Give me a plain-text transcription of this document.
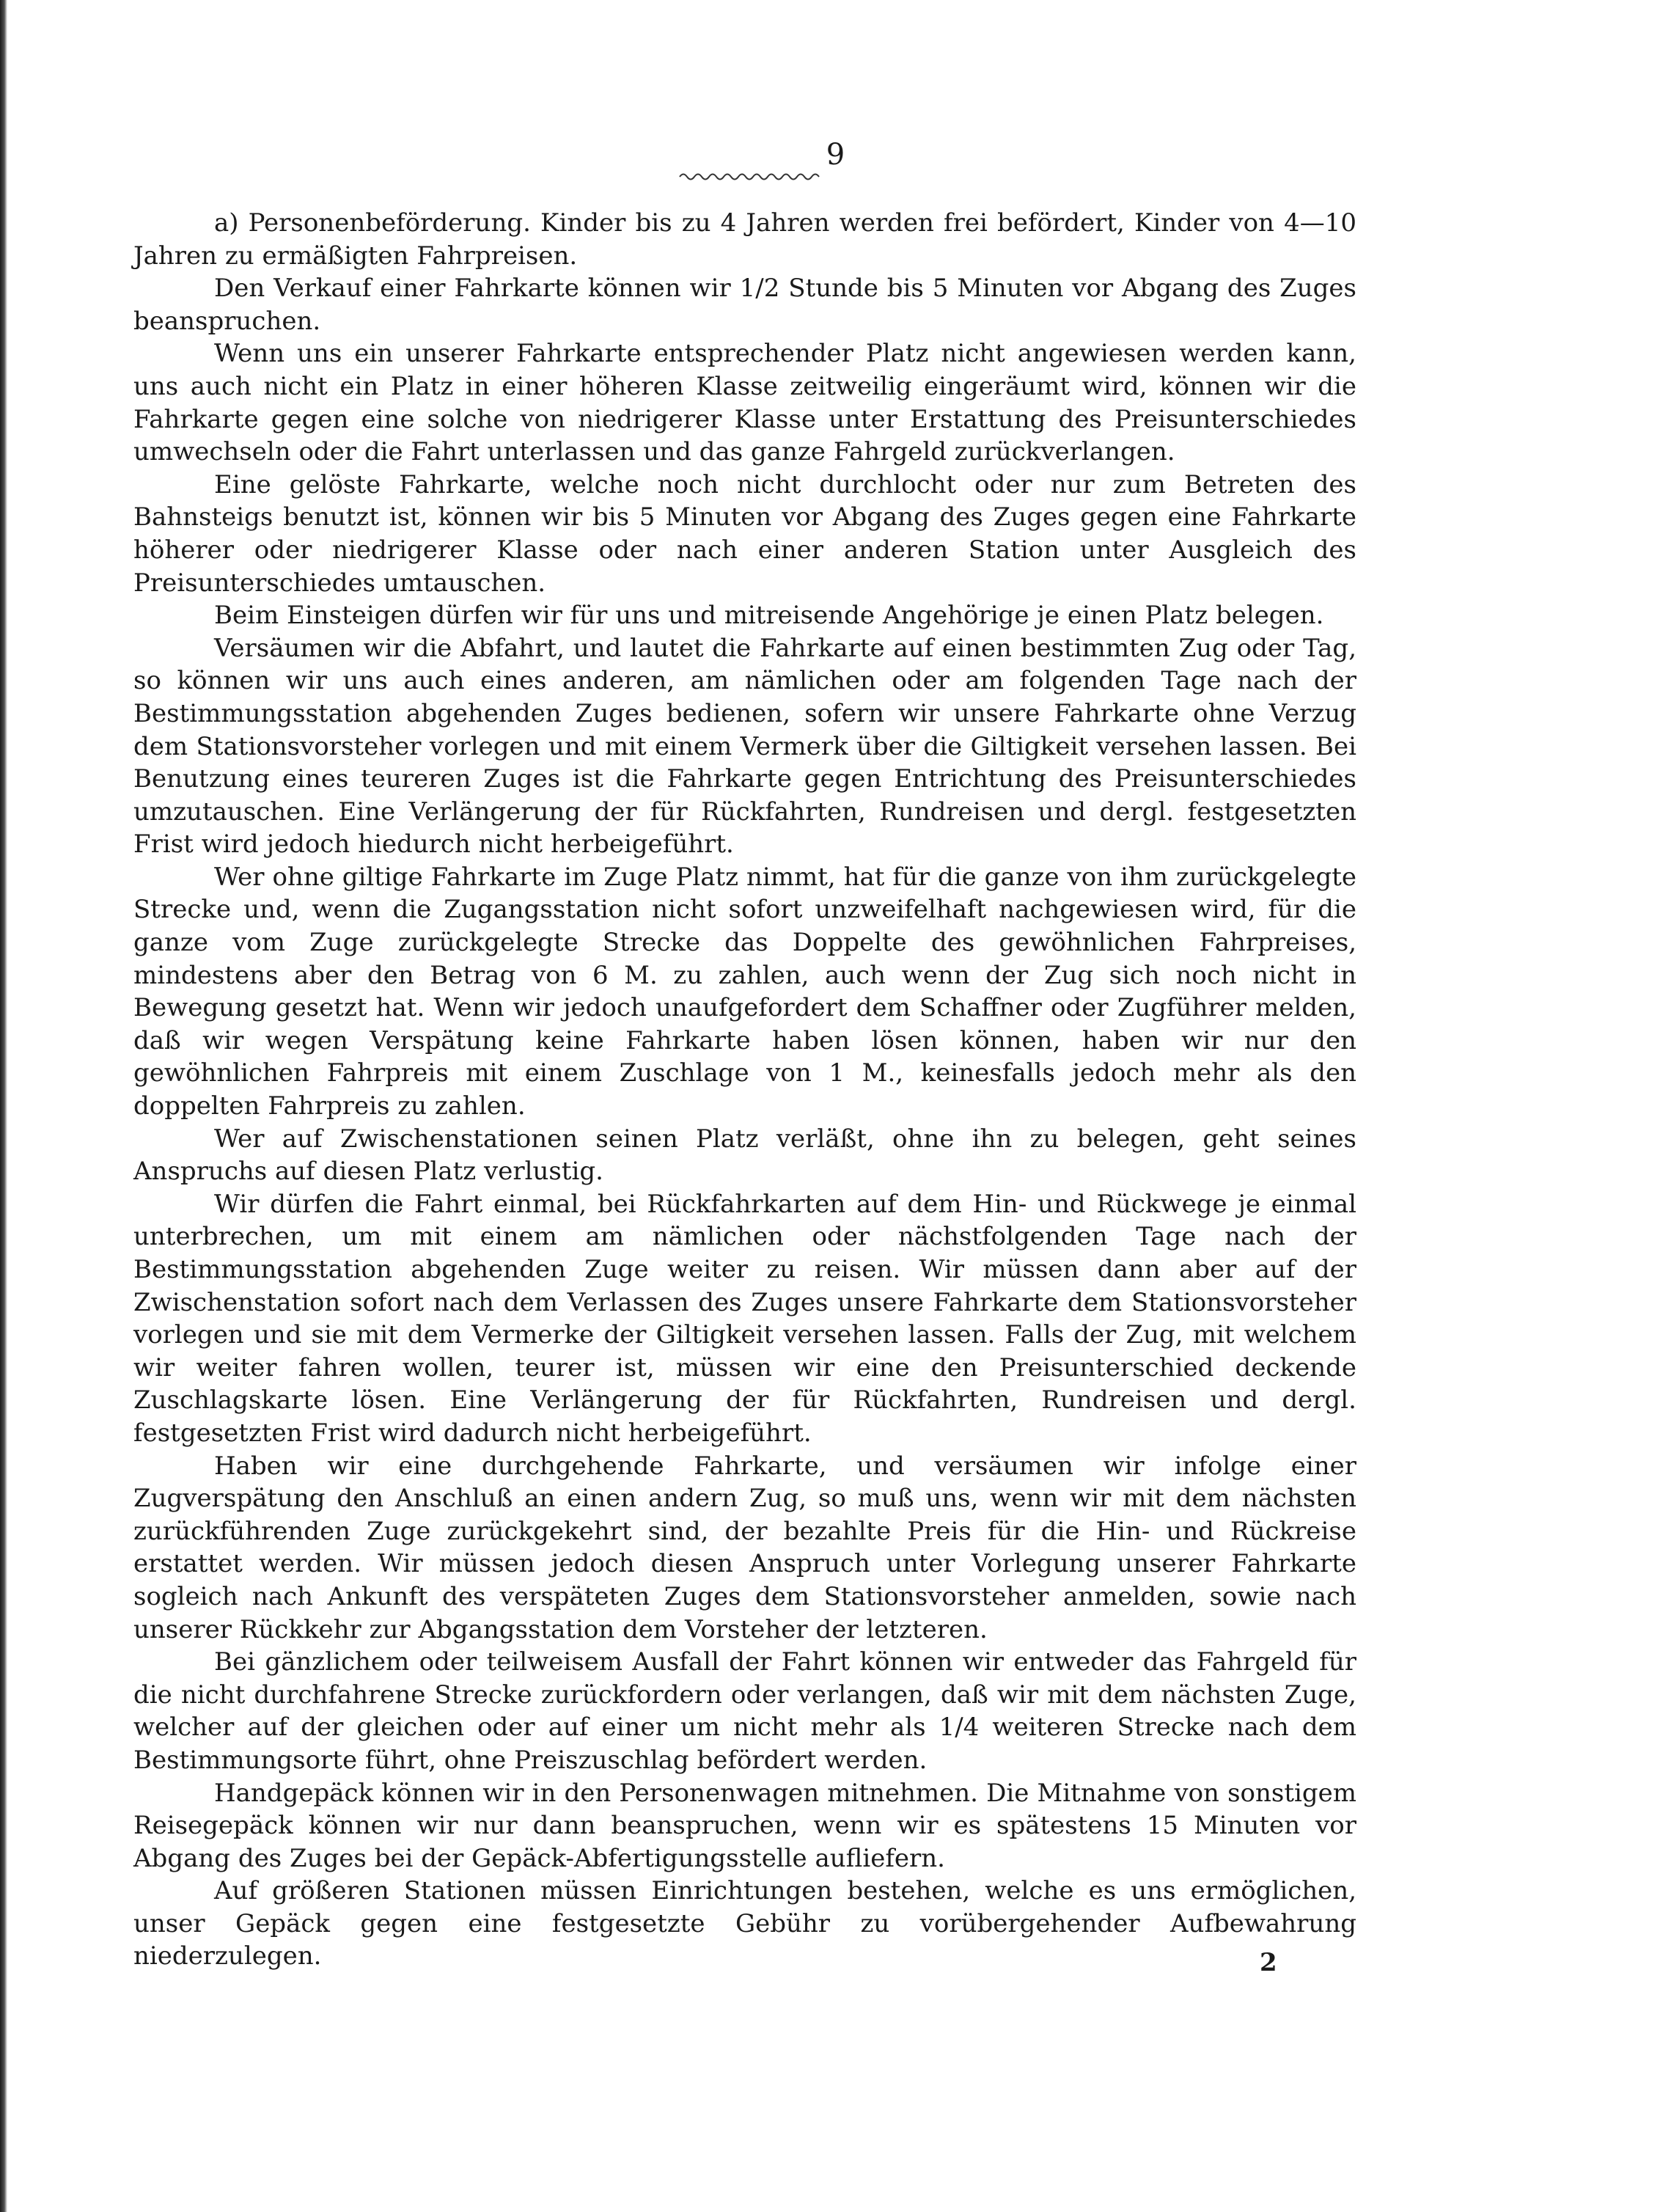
9

a) Personenbeförderung. Kinder bis zu 4 Jahren werden frei befördert, Kinder von 4—10 Jahren zu ermäßigten Fahrpreisen.

Den Verkauf einer Fahrkarte können wir 1/2 Stunde bis 5 Minuten vor Abgang des Zuges beanspruchen.

Wenn uns ein unserer Fahrkarte entsprechender Platz nicht angewiesen werden kann, uns auch nicht ein Platz in einer höheren Klasse zeitweilig eingeräumt wird, können wir die Fahrkarte gegen eine solche von niedrigerer Klasse unter Erstattung des Preisunterschiedes umwechseln oder die Fahrt unterlassen und das ganze Fahrgeld zurückverlangen.

Eine gelöste Fahrkarte, welche noch nicht durchlocht oder nur zum Betreten des Bahnsteigs benutzt ist, können wir bis 5 Minuten vor Abgang des Zuges gegen eine Fahrkarte höherer oder niedrigerer Klasse oder nach einer anderen Station unter Ausgleich des Preisunterschiedes umtauschen.

Beim Einsteigen dürfen wir für uns und mitreisende Angehörige je einen Platz belegen.

Versäumen wir die Abfahrt, und lautet die Fahrkarte auf einen bestimmten Zug oder Tag, so können wir uns auch eines anderen, am nämlichen oder am folgenden Tage nach der Bestimmungsstation abgehenden Zuges bedienen, sofern wir unsere Fahrkarte ohne Verzug dem Stationsvorsteher vorlegen und mit einem Vermerk über die Giltigkeit versehen lassen. Bei Benutzung eines teureren Zuges ist die Fahrkarte gegen Entrichtung des Preisunterschiedes umzutauschen. Eine Verlängerung der für Rückfahrten, Rundreisen und dergl. festgesetzten Frist wird jedoch hiedurch nicht herbeigeführt.

Wer ohne giltige Fahrkarte im Zuge Platz nimmt, hat für die ganze von ihm zurückgelegte Strecke und, wenn die Zugangsstation nicht sofort unzweifelhaft nachgewiesen wird, für die ganze vom Zuge zurückgelegte Strecke das Doppelte des gewöhnlichen Fahrpreises, mindestens aber den Betrag von 6 M. zu zahlen, auch wenn der Zug sich noch nicht in Bewegung gesetzt hat. Wenn wir jedoch unaufgefordert dem Schaffner oder Zugführer melden, daß wir wegen Verspätung keine Fahrkarte haben lösen können, haben wir nur den gewöhnlichen Fahrpreis mit einem Zuschlage von 1 M., keinesfalls jedoch mehr als den doppelten Fahrpreis zu zahlen.

Wer auf Zwischenstationen seinen Platz verläßt, ohne ihn zu belegen, geht seines Anspruchs auf diesen Platz verlustig.

Wir dürfen die Fahrt einmal, bei Rückfahrkarten auf dem Hin- und Rückwege je einmal unterbrechen, um mit einem am nämlichen oder nächstfolgenden Tage nach der Bestimmungsstation abgehenden Zuge weiter zu reisen. Wir müssen dann aber auf der Zwischenstation sofort nach dem Verlassen des Zuges unsere Fahrkarte dem Stationsvorsteher vorlegen und sie mit dem Vermerke der Giltigkeit versehen lassen. Falls der Zug, mit welchem wir weiter fahren wollen, teurer ist, müssen wir eine den Preisunterschied deckende Zuschlagskarte lösen. Eine Verlängerung der für Rückfahrten, Rundreisen und dergl. festgesetzten Frist wird dadurch nicht herbeigeführt.

Haben wir eine durchgehende Fahrkarte, und versäumen wir infolge einer Zugverspätung den Anschluß an einen andern Zug, so muß uns, wenn wir mit dem nächsten zurückführenden Zuge zurückgekehrt sind, der bezahlte Preis für die Hin- und Rückreise erstattet werden. Wir müssen jedoch diesen Anspruch unter Vorlegung unserer Fahrkarte sogleich nach Ankunft des verspäteten Zuges dem Stationsvorsteher anmelden, sowie nach unserer Rückkehr zur Abgangsstation dem Vorsteher der letzteren.

Bei gänzlichem oder teilweisem Ausfall der Fahrt können wir entweder das Fahrgeld für die nicht durchfahrene Strecke zurückfordern oder verlangen, daß wir mit dem nächsten Zuge, welcher auf der gleichen oder auf einer um nicht mehr als 1/4 weiteren Strecke nach dem Bestimmungsorte führt, ohne Preiszuschlag befördert werden.

Handgepäck können wir in den Personenwagen mitnehmen. Die Mitnahme von sonstigem Reisegepäck können wir nur dann beanspruchen, wenn wir es spätestens 15 Minuten vor Abgang des Zuges bei der Gepäck-Abfertigungsstelle aufliefern.

Auf größeren Stationen müssen Einrichtungen bestehen, welche es uns ermöglichen, unser Gepäck gegen eine festgesetzte Gebühr zu vorübergehender Aufbewahrung niederzulegen.	2
